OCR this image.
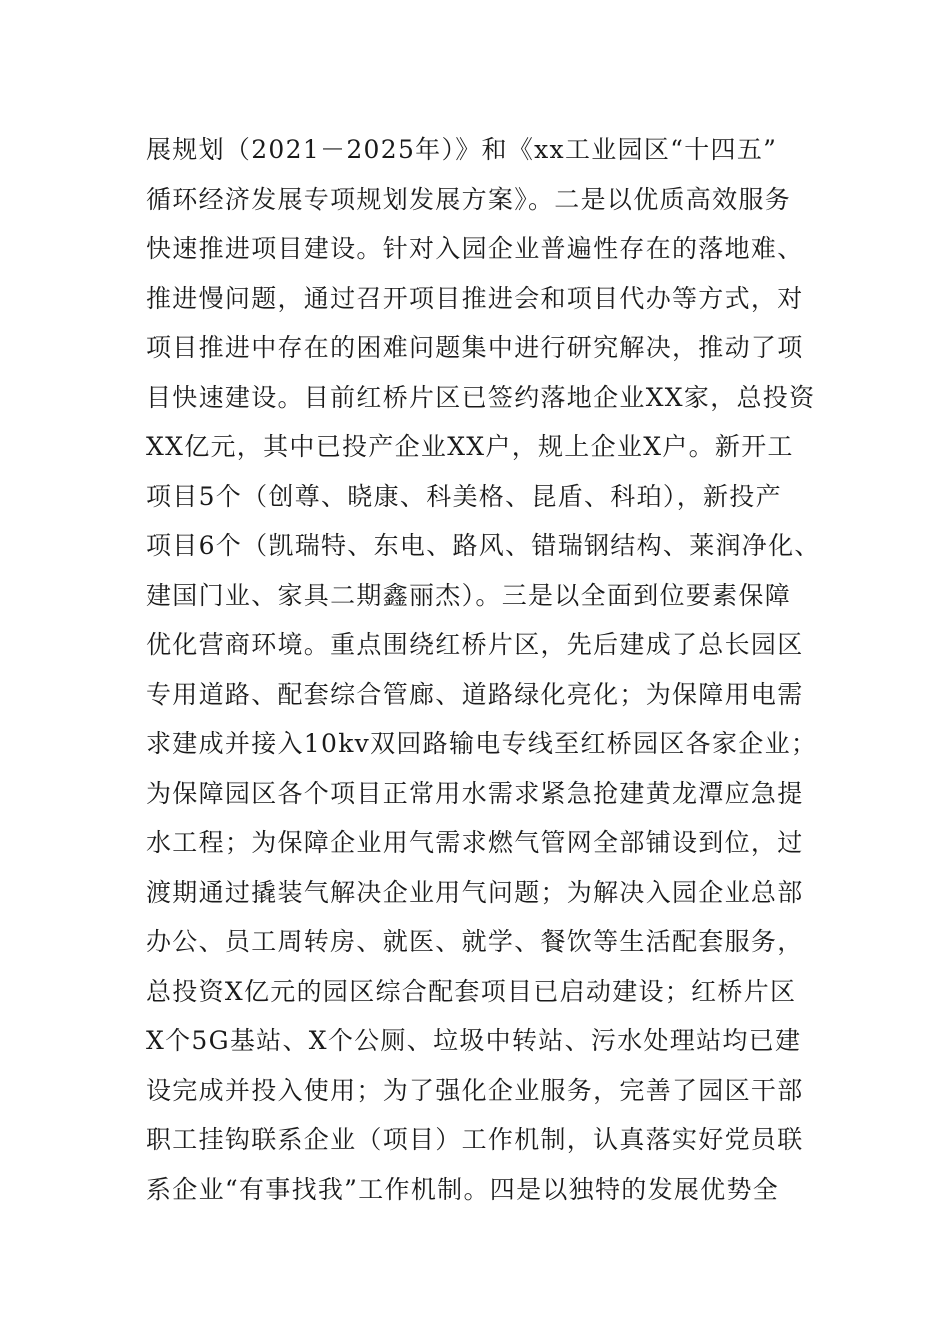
展规划（2021－2025年）》和《xx工业园区“十四五”
循环经济发展专项规划发展方案》。二是以优质高效服务
快速推进项目建设。针对入园企业普遍性存在的落地难、
推进慢问题，通过召开项目推进会和项目代办等方式，对
项目推进中存在的困难问题集中进行研究解决，推动了项
目快速建设。目前红桥片区已签约落地企业XX家，总投资
XX亿元，其中已投产企业XX户，规上企业X户。新开工
项目5个（创尊、晓康、科美格、昆盾、科珀），新投产
项目6个（凯瑞特、东电、路风、错瑞钢结构、莱润净化、
建国门业、家具二期鑫丽杰）。三是以全面到位要素保障
优化营商环境。重点围绕红桥片区，先后建成了总长园区
专用道路、配套综合管廊、道路绿化亮化；为保障用电需
求建成并接入10kv双回路输电专线至红桥园区各家企业；
为保障园区各个项目正常用水需求紧急抢建黄龙潭应急提
水工程；为保障企业用气需求燃气管网全部铺设到位，过
渡期通过撬装气解决企业用气问题；为解决入园企业总部
办公、员工周转房、就医、就学、餐饮等生活配套服务，
总投资X亿元的园区综合配套项目已启动建设；红桥片区
X个5G基站、X个公厕、垃圾中转站、污水处理站均已建
设完成并投入使用；为了强化企业服务，完善了园区干部
职工挂钩联系企业（项目）工作机制，认真落实好党员联
系企业“有事找我”工作机制。四是以独特的发展优势全
